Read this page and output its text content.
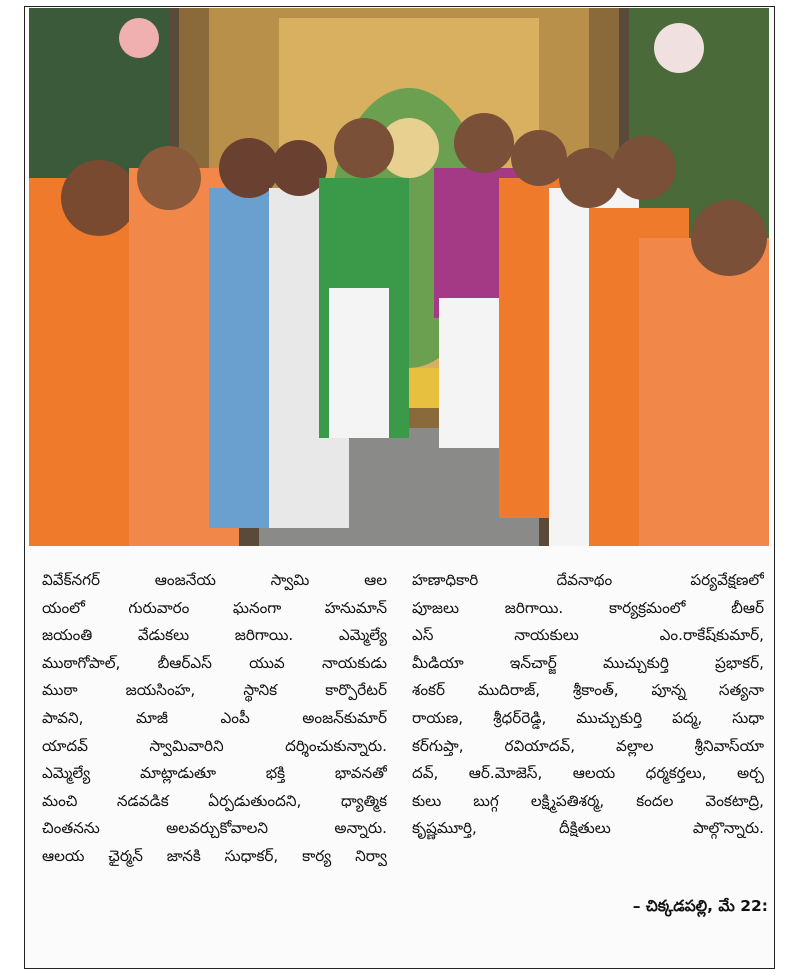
వివేక్‌నగర్ ఆంజనేయ స్వామి ఆల
యంలో గురువారం ఘనంగా హనుమాన్
జయంతి వేడుకలు జరిగాయి. ఎమ్మెల్యే
ముఠాగోపాల్, బీఆర్‌ఎస్ యువ నాయకుడు
ముఠా జయసింహ, స్థానిక కార్పొరేటర్
పావని, మాజీ ఎంపీ అంజన్‌కుమార్
యాదవ్ స్వామివారిని దర్శించుకున్నారు.
ఎమ్మెల్యే మాట్లాడుతూ భక్తి భావనతో
మంచి నడవడిక ఏర్పడుతుందని, ధ్యాత్మిక
చింతనను అలవర్చుకోవాలని అన్నారు.
ఆలయ ఛైర్మన్ జానకి సుధాకర్, కార్య నిర్వా
హణాధికారి దేవనాథం పర్యవేక్షణలో
పూజలు జరిగాయి. కార్యక్రమంలో బీఆర్
ఎస్ నాయకులు ఎం.రాకేష్‌కుమార్,
మీడియా ఇన్‌చార్జ్ ముచ్చుకుర్తి ప్రభాకర్,
శంకర్ ముదిరాజ్, శ్రీకాంత్, పూన్న సత్యనా
రాయణ, శ్రీధర్‌రెడ్డి, ముచ్చుకుర్తి పద్మ, సుధా
కర్‌గుప్తా, రవియాదవ్, వల్లాల శ్రీనివాస్‌యా
దవ్, ఆర్.మోజెస్, ఆలయ ధర్మకర్తలు, అర్చ
కులు బుగ్గ లక్ష్మిపతిశర్మ, కందల వెంకటాద్రి,
కృష్ణమూర్తి, దీక్షితులు పాల్గొన్నారు.
– చిక్కడపల్లి, మే 22:
